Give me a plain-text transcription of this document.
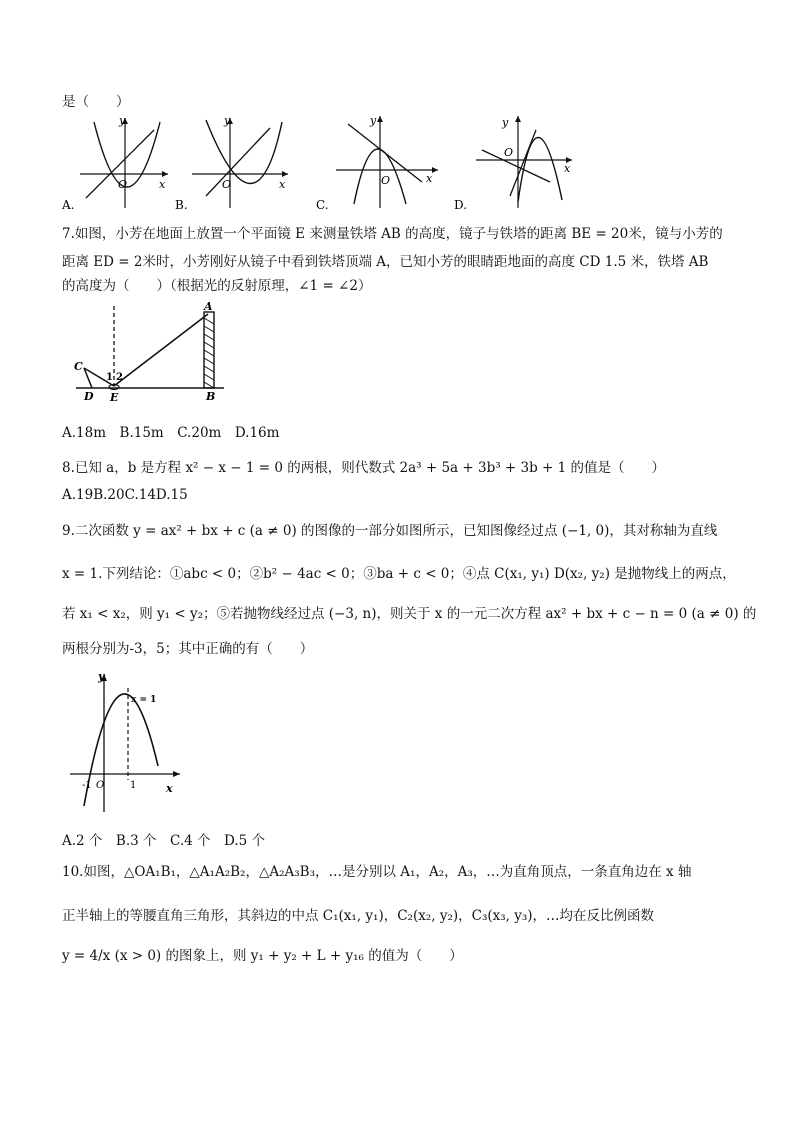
是（　　）
y
x
O
A.
y
x
O
B.
y
x
O
C.
y
x
O
D.
7.如图，小芳在地面上放置一个平面镜 E 来测量铁塔 AB 的高度，镜子与铁塔的距离 BE = 20米，镜与小芳的
距离 ED = 2米时，小芳刚好从镜子中看到铁塔顶端 A，已知小芳的眼睛距地面的高度 CD 1.5 米，铁塔 AB
的高度为（　　）（根据光的反射原理，∠1 = ∠2）
A
B
C
D E
1 2
A.18m　B.15m　C.20m　D.16m
8.已知 a，b 是方程 x² − x − 1 = 0 的两根，则代数式 2a³ + 5a + 3b³ + 3b + 1 的值是（　　）
A.19B.20C.14D.15
9.二次函数 y = ax² + bx + c (a ≠ 0) 的图像的一部分如图所示，已知图像经过点 (−1, 0)，其对称轴为直线
x = 1.下列结论：①abc < 0；②b² − 4ac < 0；③ba + c < 0；④点 C(x₁, y₁) D(x₂, y₂) 是抛物线上的两点，
若 x₁ < x₂，则 y₁ < y₂；⑤若抛物线经过点 (−3, n)，则关于 x 的一元二次方程 ax² + bx + c − n = 0 (a ≠ 0) 的
两根分别为-3，5；其中正确的有（　　）
y
x
x = 1
-1 O	1
A.2 个　B.3 个　C.4 个　D.5 个
10.如图，△OA₁B₁，△A₁A₂B₂，△A₂A₃B₃，…是分别以 A₁，A₂，A₃，…为直角顶点，一条直角边在 x 轴
正半轴上的等腰直角三角形，其斜边的中点 C₁(x₁, y₁)，C₂(x₂, y₂)，C₃(x₃, y₃)，…均在反比例函数
y = 4/x (x > 0) 的图象上，则 y₁ + y₂ + L + y₁₆ 的值为（　　）
